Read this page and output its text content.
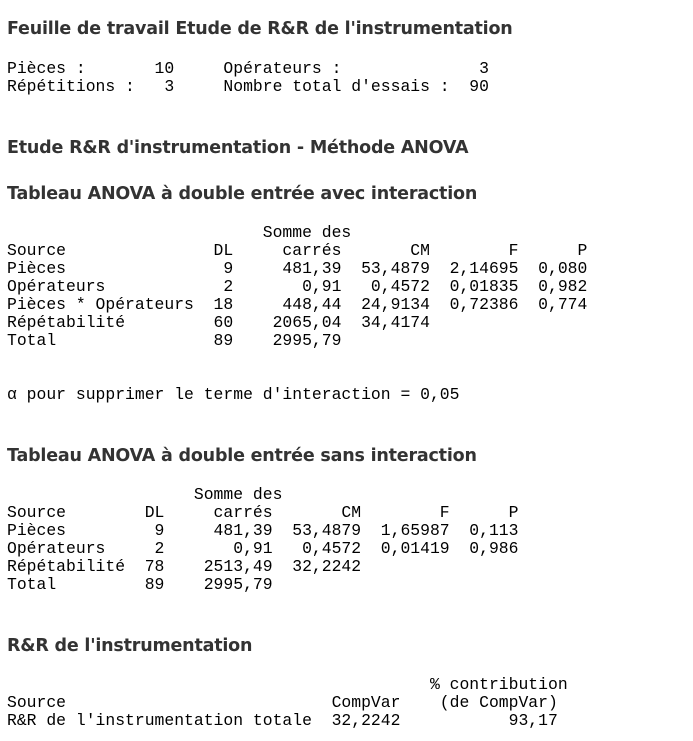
Feuille de travail Etude de R&R de l'instrumentation
Pièces :       10     Opérateurs :              3
Répétitions :   3     Nombre total d'essais :  90
Etude R&R d'instrumentation - Méthode ANOVA
Tableau ANOVA à double entrée avec interaction
Somme des
Source               DL     carrés       CM        F      P
Pièces                9     481,39  53,4879  2,14695  0,080
Opérateurs            2       0,91   0,4572  0,01835  0,982
Pièces * Opérateurs  18     448,44  24,9134  0,72386  0,774
Répétabilité         60    2065,04  34,4174
Total                89    2995,79
α pour supprimer le terme d'interaction = 0,05
Tableau ANOVA à double entrée sans interaction
Somme des
Source        DL     carrés       CM        F      P
Pièces         9     481,39  53,4879  1,65987  0,113
Opérateurs     2       0,91   0,4572  0,01419  0,986
Répétabilité  78    2513,49  32,2242
Total         89    2995,79
R&R de l'instrumentation
% contribution
Source                           CompVar    (de CompVar)
R&R de l'instrumentation totale  32,2242           93,17
